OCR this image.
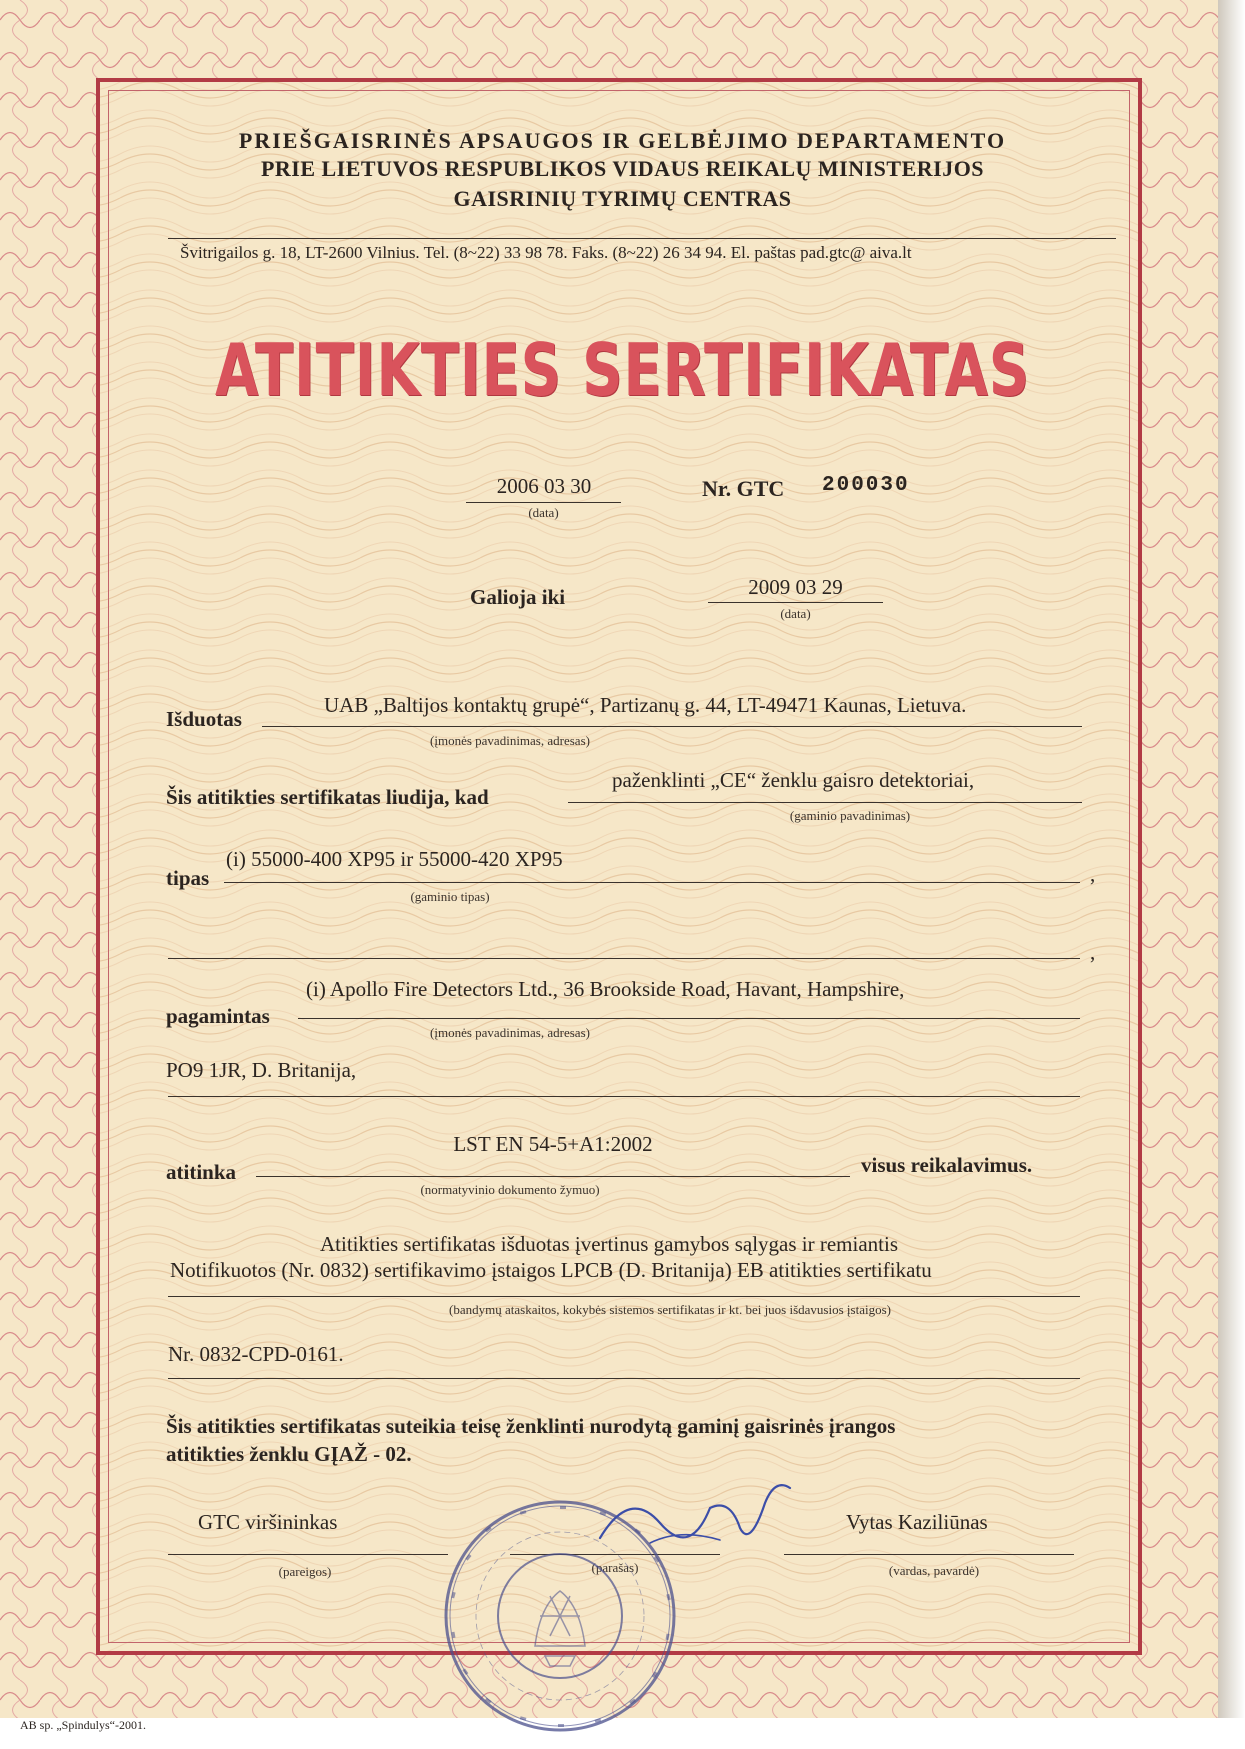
PRIEŠGAISRINĖS APSAUGOS IR GELBĖJIMO DEPARTAMENTO
PRIE LIETUVOS RESPUBLIKOS VIDAUS REIKALŲ MINISTERIJOS
GAISRINIŲ TYRIMŲ CENTRAS
Švitrigailos g. 18, LT-2600 Vilnius. Tel. (8~22) 33 98 78. Faks. (8~22) 26 34 94. El. paštas pad.gtc@ aiva.lt
ATITIKTIES SERTIFIKATAS
2006 03 30
(data)
Nr. GTC 200030
Galioja iki	2009 03 29
(data)
Išduotas
UAB „Baltijos kontaktų grupė“, Partizanų g. 44, LT-49471 Kaunas, Lietuva.
(įmonės pavadinimas, adresas)
Šis atitikties sertifikatas liudija, kad
paženklinti „CE“ ženklu gaisro detektoriai,
(gaminio pavadinimas)
tipas
(i) 55000-400 XP95 ir 55000-420 XP95
,
(gaminio tipas)
,
pagamintas
(i) Apollo Fire Detectors Ltd., 36 Brookside Road, Havant, Hampshire,
(įmonės pavadinimas, adresas)
PO9 1JR, D. Britanija,
atitinka
LST EN 54-5+A1:2002
visus reikalavimus.
(normatyvinio dokumento žymuo)
Atitikties sertifikatas išduotas įvertinus gamybos sąlygas ir remiantis
Notifikuotos (Nr. 0832) sertifikavimo įstaigos LPCB (D. Britanija) EB atitikties sertifikatu
(bandymų ataskaitos, kokybės sistemos sertifikatas ir kt. bei juos išdavusios įstaigos)
Nr. 0832-CPD-0161.
Šis atitikties sertifikatas suteikia teisę ženklinti nurodytą gaminį gaisrinės įrangos
atitikties ženklu GĮAŽ - 02.
GTC viršininkas
(pareigos)	(parašas)
Vytas Kaziliūnas
(vardas, pavardė)
AB sp. „Spindulys“-2001.
